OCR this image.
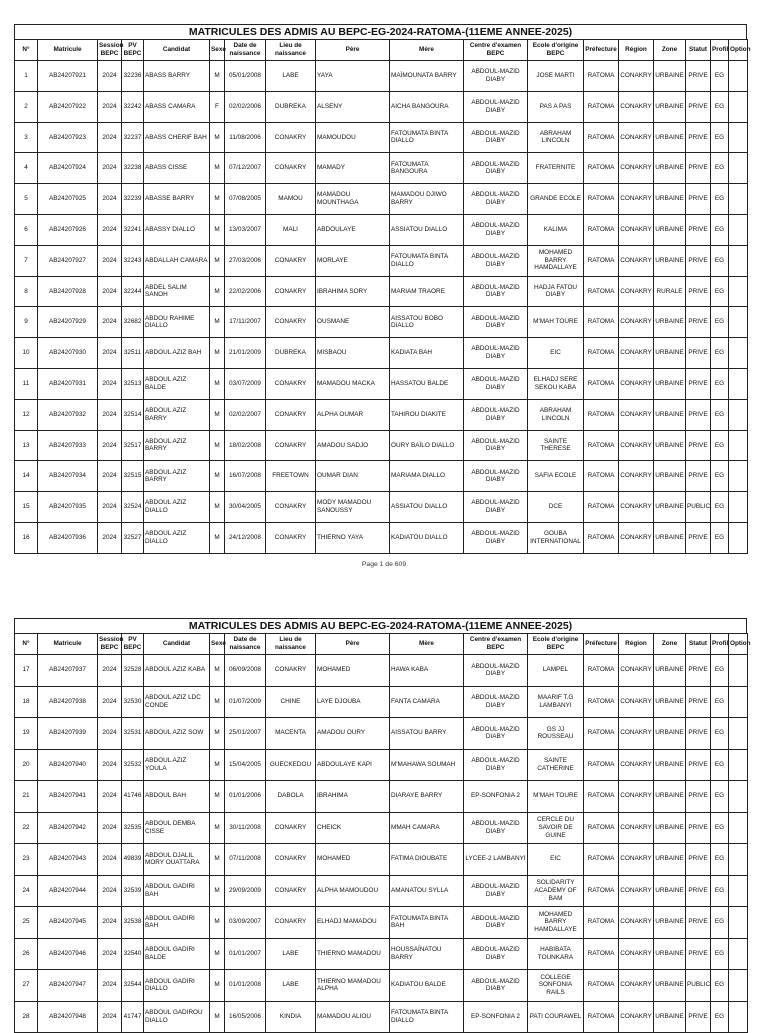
MATRICULES DES ADMIS AU BEPC-EG-2024-RATOMA-(11EME ANNEE-2025)
N°	Matricule	Session BEPC	PV BEPC	Candidat	Sexe	Date de naissance	Lieu de naissance	Père	Mère	Centre d'examen BEPC	Ecole d'origine BEPC	Préfecture	Région	Zone	Statut	Profil	Option
1	AB24207921	2024	32236	ABASS BARRY	M	05/01/2008	LABE	YAYA	MAÏMOUNATA BARRY	ABDOUL-MAZID DIABY	JOSE MARTI	RATOMA	CONAKRY	URBAINE	PRIVE	EG	
2	AB24207922	2024	32242	ABASS CAMARA	F	02/02/2006	DUBREKA	ALSENY	AICHA BANGOURA	ABDOUL-MAZID DIABY	PAS A PAS	RATOMA	CONAKRY	URBAINE	PRIVE	EG	
3	AB24207923	2024	32237	ABASS CHERIF BAH	M	11/08/2006	CONAKRY	MAMOUDOU	FATOUMATA BINTA DIALLO	ABDOUL-MAZID DIABY	ABRAHAM LINCOLN	RATOMA	CONAKRY	URBAINE	PRIVE	EG	
4	AB24207924	2024	32238	ABASS CISSE	M	07/12/2007	CONAKRY	MAMADY	FATOUMATA BANGOURA	ABDOUL-MAZID DIABY	FRATERNITE	RATOMA	CONAKRY	URBAINE	PRIVE	EG	
5	AB24207925	2024	32239	ABASSE BARRY	M	07/08/2005	MAMOU	MAMADOU MOUNTHAGA	MAMADOU DJIWO BARRY	ABDOUL-MAZID DIABY	GRANDE ECOLE	RATOMA	CONAKRY	URBAINE	PRIVE	EG	
6	AB24207926	2024	32241	ABASSY DIALLO	M	13/03/2007	MALI	ABDOULAYE	ASSIATOU DIALLO	ABDOUL-MAZID DIABY	KALIMA	RATOMA	CONAKRY	URBAINE	PRIVE	EG	
7	AB24207927	2024	32243	ABDALLAH CAMARA	M	27/03/2006	CONAKRY	MORLAYE	FATOUMATA BINTA DIALLO	ABDOUL-MAZID DIABY	MOHAMED BARRY HAMDALLAYE	RATOMA	CONAKRY	URBAINE	PRIVE	EG	
8	AB24207928	2024	32244	ABDEL SALIM SANOH	M	22/02/2006	CONAKRY	IBRAHIMA SORY	MARIAM TRAORE	ABDOUL-MAZID DIABY	HADJA FATOU DIABY	RATOMA	CONAKRY	RURALE	PRIVE	EG	
9	AB24207929	2024	32682	ABDOU RAHIME DIALLO	M	17/11/2007	CONAKRY	OUSMANE	AISSATOU BOBO DIALLO	ABDOUL-MAZID DIABY	M'MAH TOURE	RATOMA	CONAKRY	URBAINE	PRIVE	EG	
10	AB24207930	2024	32511	ABDOUL AZIZ BAH	M	21/01/2009	DUBREKA	MISBAOU	KADIATA BAH	ABDOUL-MAZID DIABY	EIC	RATOMA	CONAKRY	URBAINE	PRIVE	EG	
11	AB24207931	2024	32513	ABDOUL AZIZ BALDE	M	03/07/2009	CONAKRY	MAMADOU MACKA	HASSATOU BALDE	ABDOUL-MAZID DIABY	ELHADJ SERE SEKOU KABA	RATOMA	CONAKRY	URBAINE	PRIVE	EG	
12	AB24207932	2024	32514	ABDOUL AZIZ BARRY	M	02/02/2007	CONAKRY	ALPHA OUMAR	TAHIROU DIAKITE	ABDOUL-MAZID DIABY	ABRAHAM LINCOLN	RATOMA	CONAKRY	URBAINE	PRIVE	EG	
13	AB24207933	2024	32517	ABDOUL AZIZ BARRY	M	18/02/2008	CONAKRY	AMADOU SADJO	OURY BAÏLO DIALLO	ABDOUL-MAZID DIABY	SAINTE THERESE	RATOMA	CONAKRY	URBAINE	PRIVE	EG	
14	AB24207934	2024	32515	ABDOUL AZIZ BARRY	M	16/07/2008	FREETOWN	OUMAR DIAN	MARIAMA DIALLO	ABDOUL-MAZID DIABY	SAFIA ECOLE	RATOMA	CONAKRY	URBAINE	PRIVE	EG	
15	AB24207935	2024	32524	ABDOUL AZIZ DIALLO	M	30/04/2005	CONAKRY	MODY MAMADOU SANOUSSY	ASSIATOU DIALLO	ABDOUL-MAZID DIABY	DCE	RATOMA	CONAKRY	URBAINE	PUBLIC	EG	
16	AB24207936	2024	32527	ABDOUL AZIZ DIALLO	M	24/12/2008	CONAKRY	THIERNO YAYA	KADIATOU DIALLO	ABDOUL-MAZID DIABY	GOUBA INTERNATIONAL	RATOMA	CONAKRY	URBAINE	PRIVE	EG	
Page 1 de 609
MATRICULES DES ADMIS AU BEPC-EG-2024-RATOMA-(11EME ANNEE-2025)
N°	Matricule	Session BEPC	PV BEPC	Candidat	Sexe	Date de naissance	Lieu de naissance	Père	Mère	Centre d'examen BEPC	Ecole d'origine BEPC	Préfecture	Région	Zone	Statut	Profil	Option
17	AB24207937	2024	32528	ABDOUL AZIZ KABA	M	06/09/2008	CONAKRY	MOHAMED	HAWA KABA	ABDOUL-MAZID DIABY	LAMPEL	RATOMA	CONAKRY	URBAINE	PRIVE	EG	
18	AB24207938	2024	32530	ABDOUL AZIZ LDC CONDE	M	01/07/2009	CHINE	LAYE DJOUBA	FANTA CAMARA	ABDOUL-MAZID DIABY	MAARIF T.G LAMBANYI	RATOMA	CONAKRY	URBAINE	PRIVE	EG	
19	AB24207939	2024	32531	ABDOUL AZIZ SOW	M	25/01/2007	MACENTA	AMADOU OURY	AISSATOU BARRY	ABDOUL-MAZID DIABY	GS JJ ROUSSEAU	RATOMA	CONAKRY	URBAINE	PRIVE	EG	
20	AB24207940	2024	32532	ABDOUL AZIZ YOULA	M	15/04/2005	GUECKEDOU	ABDOULAYE KAPI	M'MAHAWA SOUMAH	ABDOUL-MAZID DIABY	SAINTE CATHERINE	RATOMA	CONAKRY	URBAINE	PRIVE	EG	
21	AB24207941	2024	41746	ABDOUL BAH	M	01/01/2006	DABOLA	IBRAHIMA	DIARAYE BARRY	EP-SONFONIA 2	M'MAH TOURE	RATOMA	CONAKRY	URBAINE	PRIVE	EG	
22	AB24207942	2024	32535	ABDOUL DEMBA CISSE	M	30/11/2008	CONAKRY	CHEICK	MMAH CAMARA	ABDOUL-MAZID DIABY	CERCLE DU SAVOIR DE GUINE	RATOMA	CONAKRY	URBAINE	PRIVE	EG	
23	AB24207943	2024	49839	ABDOUL DJALIL MORY OUATTARA	M	07/11/2008	CONAKRY	MOHAMED	FATIMA DIOUBATE	LYCEE-2 LAMBANYI	EIC	RATOMA	CONAKRY	URBAINE	PRIVE	EG	
24	AB24207944	2024	32539	ABDOUL GADIRI BAH	M	29/09/2009	CONAKRY	ALPHA MAMOUDOU	AMANATOU SYLLA	ABDOUL-MAZID DIABY	SOLIDARITY ACADEMY OF BAM	RATOMA	CONAKRY	URBAINE	PRIVE	EG	
25	AB24207945	2024	32538	ABDOUL GADIRI BAH	M	03/09/2007	CONAKRY	ELHADJ MAMADOU	FATOUMATA BINTA BAH	ABDOUL-MAZID DIABY	MOHAMED BARRY HAMDALLAYE	RATOMA	CONAKRY	URBAINE	PRIVE	EG	
26	AB24207946	2024	32540	ABDOUL GADIRI BALDE	M	01/01/2007	LABE	THIERNO MAMADOU	HOUSSAÏNATOU BARRY	ABDOUL-MAZID DIABY	HABIBATA TOUNKARA	RATOMA	CONAKRY	URBAINE	PRIVE	EG	
27	AB24207947	2024	32544	ABDOUL GADIRI DIALLO	M	01/01/2008	LABE	THIERNO MAMADOU ALPHA	KADIATOU BALDE	ABDOUL-MAZID DIABY	COLLEGE SONFONIA RAILS	RATOMA	CONAKRY	URBAINE	PUBLIC	EG	
28	AB24207948	2024	41747	ABDOUL GADIROU DIALLO	M	16/05/2006	KINDIA	MAMADOU ALIOU	FATOUMATA BINTA DIALLO	EP-SONFONIA 2	PATI COURAWEL	RATOMA	CONAKRY	URBAINE	PRIVE	EG	
